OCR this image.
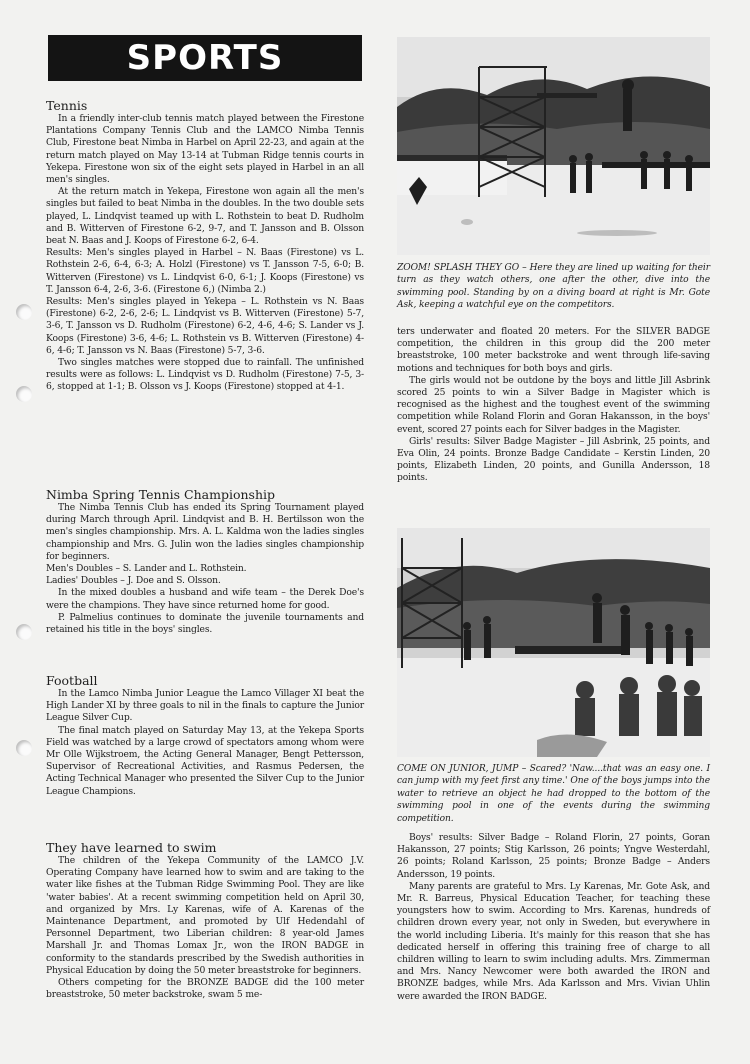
SPORTS
Tennis

In a friendly inter-club tennis match played between the Firestone Plantations Company Tennis Club and the LAMCO Nimba Tennis Club, Firestone beat Nimba in Harbel on April 22-23, and again at the return match played on May 13-14 at Tubman Ridge tennis courts in Yekepa. Firestone won six of the eight sets played in Harbel in an all men's singles.

At the return match in Yekepa, Firestone won again all the men's singles but failed to beat Nimba in the doubles. In the two double sets played, L. Lindqvist teamed up with L. Rothstein to beat D. Rudholm and B. Witterven of Firestone 6-2, 9-7, and T. Jansson and B. Olsson beat N. Baas and J. Koops of Firestone 6-2, 6-4.

Results: Men's singles played in Harbel – N. Baas (Firestone) vs L. Rothstein 2-6, 6-4, 6-3; A. Holzl (Firestone) vs T. Jansson 7-5, 6-0; B. Witterven (Firestone) vs L. Lindqvist 6-0, 6-1; J. Koops (Firestone) vs T. Jansson 6-4, 2-6, 3-6. (Firestone 6,) (Nimba 2.)

Results: Men's singles played in Yekepa – L. Rothstein vs N. Baas (Firestone) 6-2, 2-6, 2-6; L. Lindqvist vs B. Witterven (Firestone) 5-7, 3-6, T. Jansson vs D. Rudholm (Firestone) 6-2, 4-6, 4-6; S. Lander vs J. Koops (Firestone) 3-6, 4-6; L. Rothstein vs B. Witterven (Firestone) 4-6, 4-6; T. Jansson vs N. Baas (Firestone) 5-7, 3-6.

Two singles matches were stopped due to rainfall. The unfinished results were as follows: L. Lindqvist vs D. Rudholm (Firestone) 7-5, 3-6, stopped at 1-1; B. Olsson vs J. Koops (Firestone) stopped at 4-1.

Nimba Spring Tennis Championship

The Nimba Tennis Club has ended its Spring Tournament played during March through April. Lindqvist and B. H. Bertilsson won the men's singles championship. Mrs. A. L. Kaldma won the ladies singles championship and Mrs. G. Julin won the ladies singles championship for beginners.

Men's Doubles – S. Lander and L. Rothstein.

Ladies' Doubles – J. Doe and S. Olsson.

In the mixed doubles a husband and wife team – the Derek Doe's were the champions. They have since returned home for good.

P. Palmelius continues to dominate the juvenile tournaments and retained his title in the boys' singles.

Football

In the Lamco Nimba Junior League the Lamco Villager XI beat the High Lander XI by three goals to nil in the finals to capture the Junior League Silver Cup.

The final match played on Saturday May 13, at the Yekepa Sports Field was watched by a large crowd of spectators among whom were Mr Olle Wijkstroem, the Acting General Manager, Bengt Pettersson, Supervisor of Recreational Activities, and Rasmus Pedersen, the Acting Technical Manager who presented the Silver Cup to the Junior League Champions.

They have learned to swim

The children of the Yekepa Community of the LAMCO J.V. Operating Company have learned how to swim and are taking to the water like fishes at the Tubman Ridge Swimming Pool. They are like 'water babies'. At a recent swimming competition held on April 30, and organized by Mrs. Ly Karenas, wife of A. Karenas of the Maintenance Department, and promoted by Ulf Hedendahl of Personnel Department, two Liberian children: 8 year-old James Marshall Jr. and Thomas Lomax Jr., won the IRON BADGE in conformity to the standards prescribed by the Swedish authorities in Physical Education by doing the 50 meter breaststroke for beginners.

Others competing for the BRONZE BADGE did the 100 meter breaststroke, 50 meter backstroke, swam 5 me-

ZOOM! SPLASH THEY GO – Here they are lined up waiting for their turn as they watch others, one after the other, dive into the swimming pool. Standing by on a diving board at right is Mr. Gote Ask, keeping a watchful eye on the competitors.

ters underwater and floated 20 meters. For the SILVER BADGE competition, the children in this group did the 200 meter breaststroke, 100 meter backstroke and went through life-saving motions and techniques for both boys and girls.

The girls would not be outdone by the boys and little Jill Asbrink scored 25 points to win a Silver Badge in Magister which is recognised as the highest and the toughest event of the swimming competition while Roland Florin and Goran Hakansson, in the boys' event, scored 27 points each for Silver badges in the Magister.

Girls' results: Silver Badge Magister – Jill Asbrink, 25 points, and Eva Olin, 24 points. Bronze Badge Candidate – Kerstin Linden, 20 points, Elizabeth Linden, 20 points, and Gunilla Andersson, 18 points.

COME ON JUNIOR, JUMP – Scared? 'Naw....that was an easy one. I can jump with my feet first any time.' One of the boys jumps into the water to retrieve an object he had dropped to the bottom of the swimming pool in one of the events during the swimming competition.

Boys' results: Silver Badge – Roland Florin, 27 points, Goran Hakansson, 27 points; Stig Karlsson, 26 points; Yngve Westerdahl, 26 points; Roland Karlsson, 25 points; Bronze Badge – Anders Andersson, 19 points.

Many parents are grateful to Mrs. Ly Karenas, Mr. Gote Ask, and Mr. R. Barreus, Physical Education Teacher, for teaching these youngsters how to swim. According to Mrs. Karenas, hundreds of children drown every year, not only in Sweden, but everywhere in the world including Liberia. It's mainly for this reason that she has dedicated herself in offering this training free of charge to all children willing to learn to swim including adults. Mrs. Zimmerman and Mrs. Nancy Newcomer were both awarded the IRON and BRONZE badges, while Mrs. Ada Karlsson and Mrs. Vivian Uhlin were awarded the IRON BADGE.
